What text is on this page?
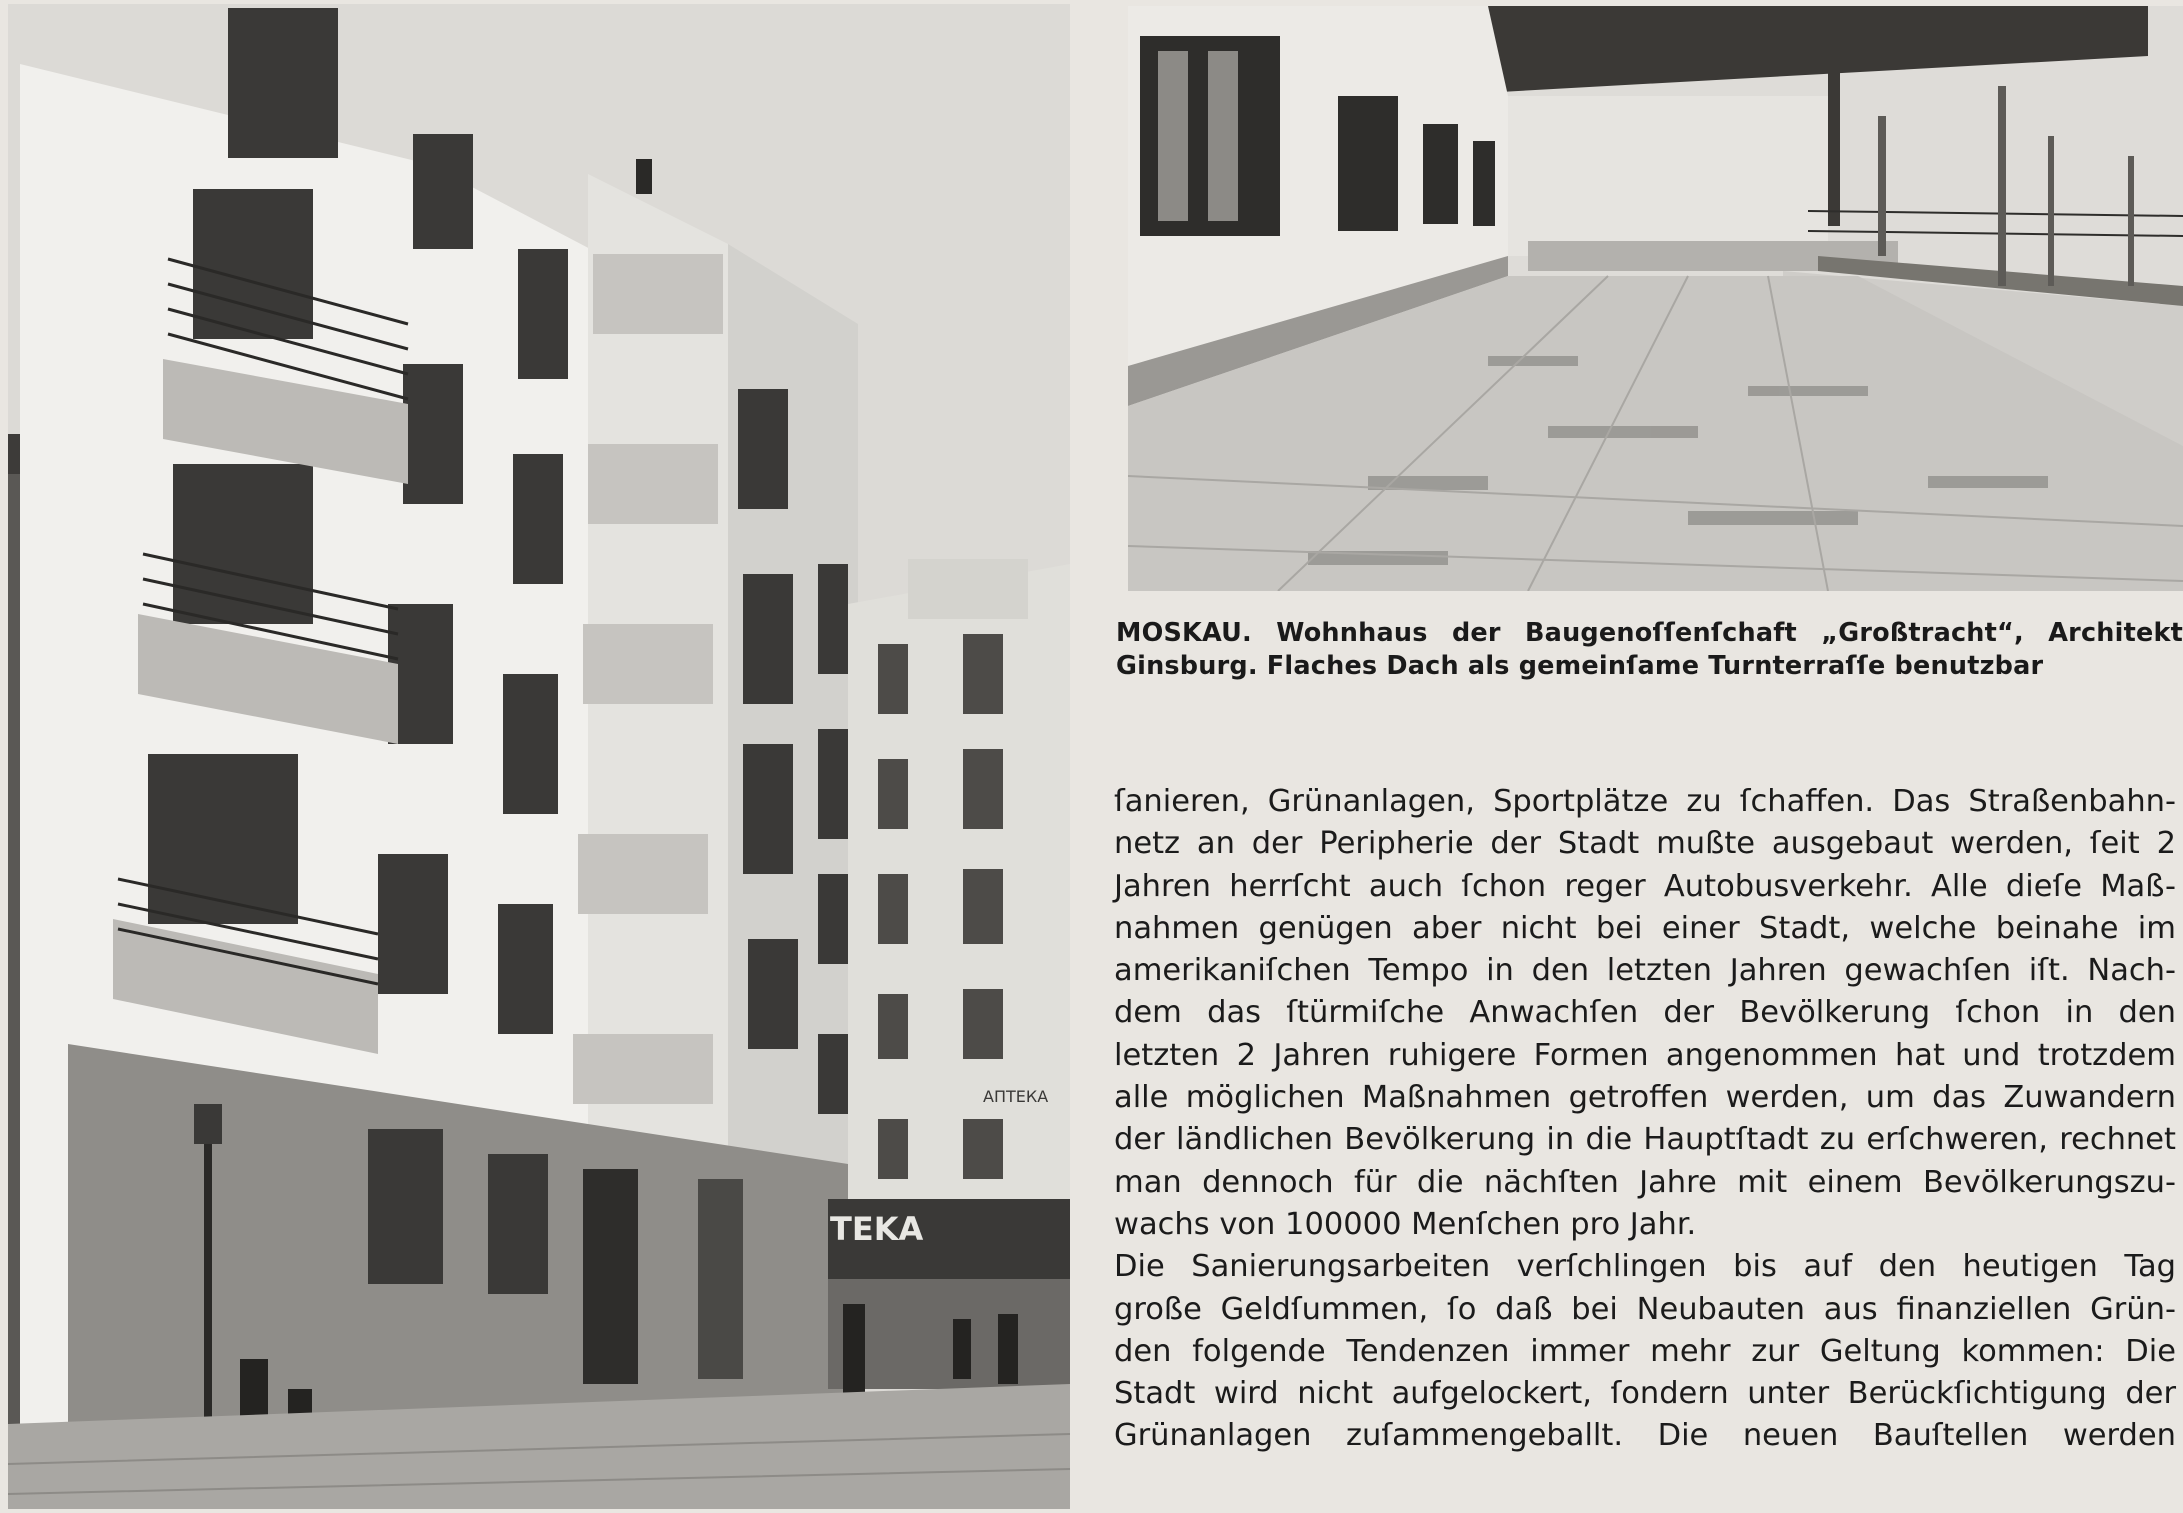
АПТЕКА
TEKA
MOSKAU. Wohnhaus der Baugenoſſenſchaft „Großtracht“, Architekt
Ginsburg. Flaches Dach als gemeinſame Turnterraſſe benutzbar
ſanieren, Grünanlagen, Sportplätze zu ſchaffen. Das Straßenbahn-
netz an der Peripherie der Stadt mußte ausgebaut werden, ſeit 2
Jahren herrſcht auch ſchon reger Autobusverkehr. Alle dieſe Maß-
nahmen genügen aber nicht bei einer Stadt, welche beinahe im
amerikaniſchen Tempo in den letzten Jahren gewachſen iſt. Nach-
dem das ſtürmiſche Anwachſen der Bevölkerung ſchon in den
letzten 2 Jahren ruhigere Formen angenommen hat und trotzdem
alle möglichen Maßnahmen getroffen werden, um das Zuwandern
der ländlichen Bevölkerung in die Hauptſtadt zu erſchweren, rechnet
man dennoch für die nächſten Jahre mit einem Bevölkerungszu-
wachs von 100000 Menſchen pro Jahr.
Die Sanierungsarbeiten verſchlingen bis auf den heutigen Tag
große Geldſummen, ſo daß bei Neubauten aus finanziellen Grün-
den folgende Tendenzen immer mehr zur Geltung kommen: Die
Stadt wird nicht aufgelockert, ſondern unter Berückſichtigung der
Grünanlagen zuſammengeballt. Die neuen Bauſtellen werden
